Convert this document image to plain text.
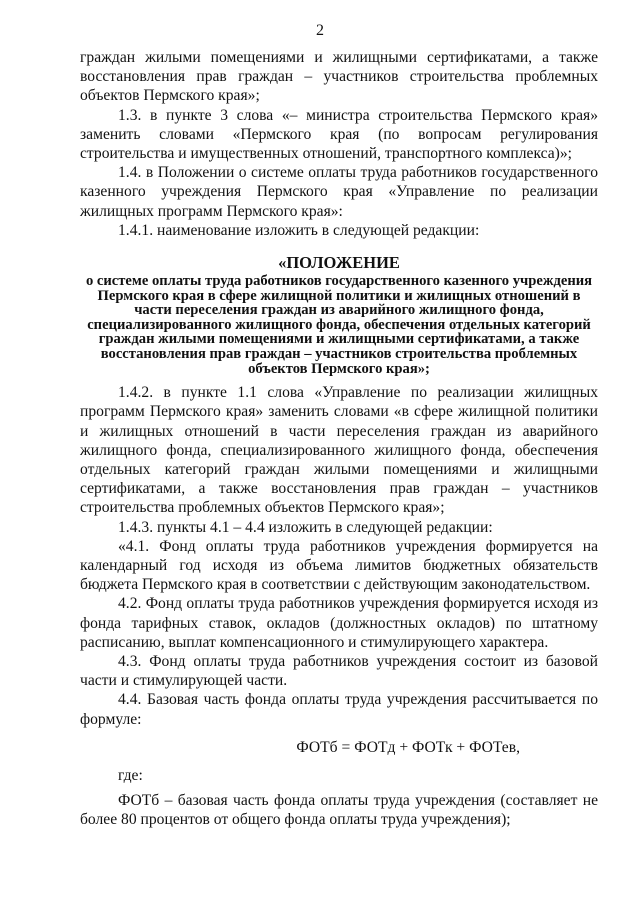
2

граждан жилыми помещениями и жилищными сертификатами, а также восстановления прав граждан – участников строительства проблемных объектов Пермского края»;

1.3. в пункте 3 слова «– министра строительства Пермского края» заменить словами «Пермского края (по вопросам регулирования строительства и имущественных отношений, транспортного комплекса)»;

1.4. в Положении о системе оплаты труда работников государственного казенного учреждения Пермского края «Управление по реализации жилищных программ Пермского края»:

1.4.1. наименование изложить в следующей редакции:

«ПОЛОЖЕНИЕ
о системе оплаты труда работников государственного казенного учреждения Пермского края в сфере жилищной политики и жилищных отношений в части переселения граждан из аварийного жилищного фонда, специализированного жилищного фонда, обеспечения отдельных категорий граждан жилыми помещениями и жилищными сертификатами, а также восстановления прав граждан – участников строительства проблемных объектов Пермского края»;

1.4.2. в пункте 1.1 слова «Управление по реализации жилищных программ Пермского края» заменить словами «в сфере жилищной политики и жилищных отношений в части переселения граждан из аварийного жилищного фонда, специализированного жилищного фонда, обеспечения отдельных категорий граждан жилыми помещениями и жилищными сертификатами, а также восстановления прав граждан – участников строительства проблемных объектов Пермского края»;

1.4.3. пункты 4.1 – 4.4 изложить в следующей редакции:

«4.1. Фонд оплаты труда работников учреждения формируется на календарный год исходя из объема лимитов бюджетных обязательств бюджета Пермского края в соответствии с действующим законодательством.

4.2. Фонд оплаты труда работников учреждения формируется исходя из фонда тарифных ставок, окладов (должностных окладов) по штатному расписанию, выплат компенсационного и стимулирующего характера.

4.3. Фонд оплаты труда работников учреждения состоит из базовой части и стимулирующей части.

4.4. Базовая часть фонда оплаты труда учреждения рассчитывается по формуле:

ФОТб = ФОТд + ФОТк + ФОТев,

где:

ФОТб – базовая часть фонда оплаты труда учреждения (составляет не более 80 процентов от общего фонда оплаты труда учреждения);
